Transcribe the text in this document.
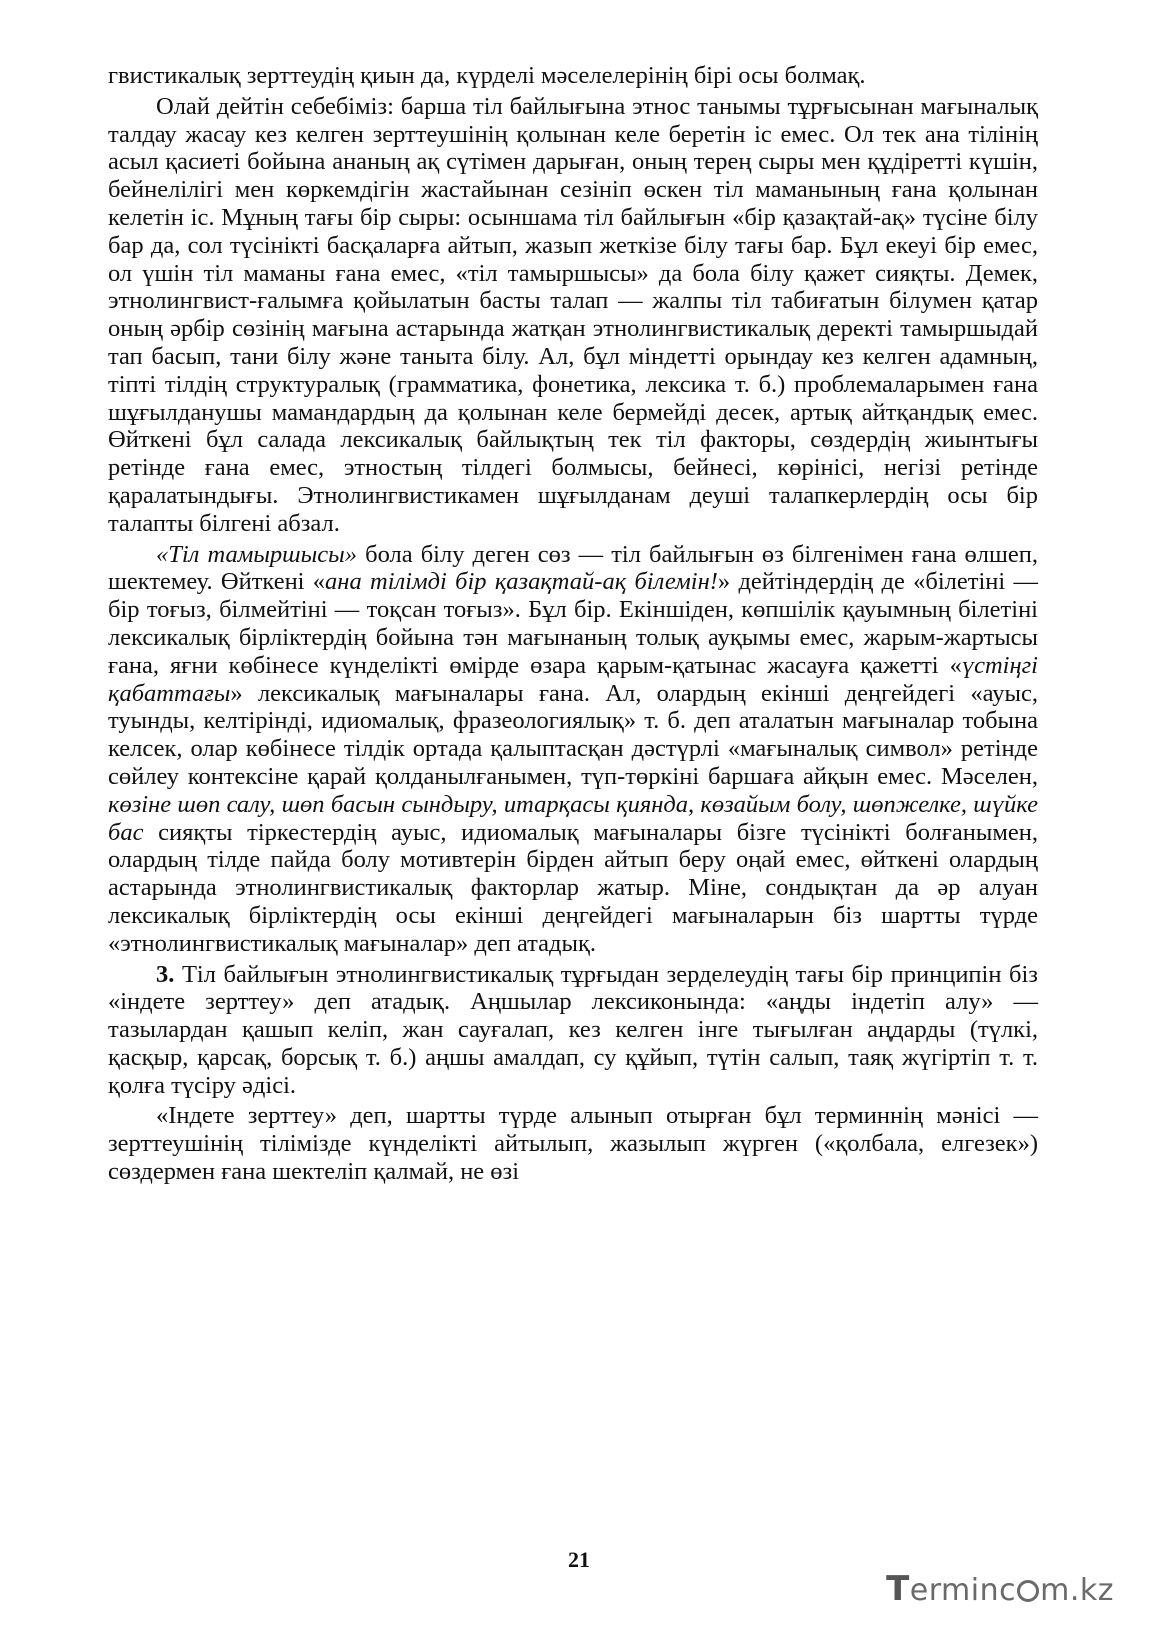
гвистикалық зерттеудің қиын да, күрделі мәселелерінің бірі осы болмақ.

Олай дейтін себебіміз: барша тіл байлығына этнос танымы тұрғысынан мағыналық талдау жасау кез келген зерттеушінің қолынан келе беретін іс емес. Ол тек ана тілінің асыл қасиеті бойына ананың ақ сүтімен дарыған, оның терең сыры мен құдіретті күшін, бейнелілігі мен көркемдігін жастайынан сезініп өскен тіл маманының ғана қолынан келетін іс. Мұның тағы бір сыры: осыншама тіл байлығын «бір қазақтай-ақ» түсіне білу бар да, сол түсінікті басқаларға айтып, жазып жеткізе білу тағы бар. Бұл екеуі бір емес, ол үшін тіл маманы ғана емес, «тіл тамыршысы» да бола білу қажет сияқты. Демек, этнолингвист-ғалымға қойылатын басты талап — жалпы тіл табиғатын білумен қатар оның әрбір сөзінің мағына астарында жатқан этнолингвистикалық деректі тамыршыдай тап басып, тани білу және таныта білу. Ал, бұл міндетті орындау кез келген адамның, тіпті тілдің структуралық (грамматика, фонетика, лексика т. б.) проблемаларымен ғана шұғылданушы мамандардың да қолынан келе бермейді десек, артық айтқандық емес. Өйткені бұл салада лексикалық байлықтың тек тіл факторы, сөздердің жиынтығы ретінде ғана емес, этностың тілдегі болмысы, бейнесі, көрінісі, негізі ретінде қаралатындығы. Этнолингвистикамен шұғылданам деуші талапкерлердің осы бір талапты білгені абзал.

«Тіл тамыршысы» бола білу деген сөз — тіл байлығын өз білгенімен ғана өлшеп, шектемеу. Өйткені «ана тілімді бір қазақтай-ақ білемін!» дейтіндердің де «білетіні — бір тоғыз, білмейтіні — тоқсан тоғыз». Бұл бір. Екіншіден, көпшілік қауымның білетіні лексикалық бірліктердің бойына тән мағынаның толық ауқымы емес, жарым-жартысы ғана, яғни көбінесе күнделікті өмірде өзара қарым-қатынас жасауға қажетті «үстіңгі қабаттағы» лексикалық мағыналары ғана. Ал, олардың екінші деңгейдегі «ауыс, туынды, келтірінді, идиомалық, фразеологиялық» т. б. деп аталатын мағыналар тобына келсек, олар көбінесе тілдік ортада қалыптасқан дәстүрлі «мағыналық символ» ретінде сөйлеу контексіне қарай қолданылғанымен, түп-төркіні баршаға айқын емес. Мәселен, көзіне шөп салу, шөп басын сындыру, итарқасы қиянда, көзайым болу, шөпжелке, шүйке бас сияқты тіркестердің ауыс, идиомалық мағыналары бізге түсінікті болғанымен, олардың тілде пайда болу мотивтерін бірден айтып беру оңай емес, өйткені олардың астарында этнолингвистикалық факторлар жатыр. Міне, сондықтан да әр алуан лексикалық бірліктердің осы екінші деңгейдегі мағыналарын біз шартты түрде «этнолингвистикалық мағыналар» деп атадық.

3. Тіл байлығын этнолингвистикалық тұрғыдан зерделеудің тағы бір принципін біз «індете зерттеу» деп атадық. Аңшылар лексиконында: «аңды індетіп алу» — тазылардан қашып келіп, жан сауғалап, кез келген інге тығылған аңдарды (түлкі, қасқыр, қарсақ, борсық т. б.) аңшы амалдап, су құйып, түтін салып, таяқ жүгіртіп т. т. қолға түсіру әдісі.

«Індете зерттеу» деп, шартты түрде алынып отырған бұл терминнің мәнісі — зерттеушінің тілімізде күнделікті айтылып, жазылып жүрген («қолбала, елгезек») сөздермен ғана шектеліп қалмай, не өзі

21
Terminc m.kz
